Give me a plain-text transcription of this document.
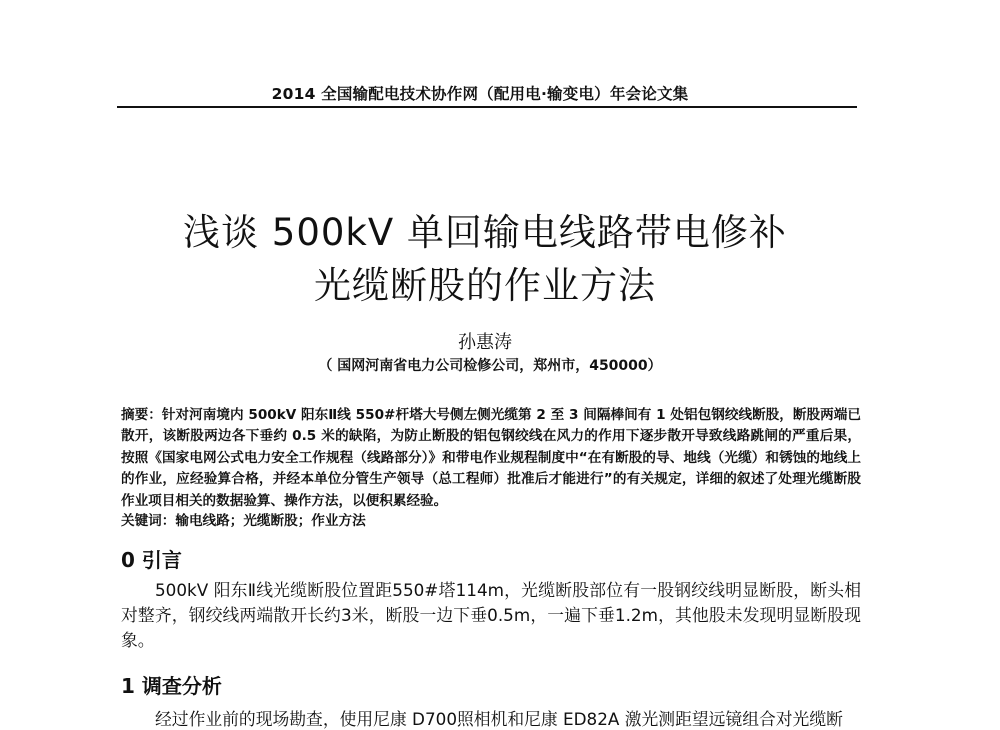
2014 全国输配电技术协作网（配用电·输变电）年会论文集
浅谈 500kV 单回输电线路带电修补
光缆断股的作业方法
孙惠涛
（ 国网河南省电力公司检修公司，郑州市，450000）
摘要：针对河南境内 500kV 阳东Ⅱ线 550#杆塔大号侧左侧光缆第 2 至 3 间隔棒间有 1 处铝包钢绞线断股，断股两端已散开，该断股两边各下垂约 0.5 米的缺陷，为防止断股的铝包钢绞线在风力的作用下逐步散开导致线路跳闸的严重后果，按照《国家电网公式电力安全工作规程（线路部分）》和带电作业规程制度中“在有断股的导、地线（光缆）和锈蚀的地线上的作业，应经验算合格，并经本单位分管生产领导（总工程师）批准后才能进行”的有关规定，详细的叙述了处理光缆断股作业项目相关的数据验算、操作方法，以便积累经验。
关键词：输电线路；光缆断股；作业方法
0 引言
500kV 阳东Ⅱ线光缆断股位置距550#塔114m，光缆断股部位有一股钢绞线明显断股，断头相对整齐，钢绞线两端散开长约3米，断股一边下垂0.5m，一遍下垂1.2m，其他股未发现明显断股现象。
1 调查分析
经过作业前的现场勘查，使用尼康 D700照相机和尼康 ED82A 激光测距望远镜组合对光缆断
